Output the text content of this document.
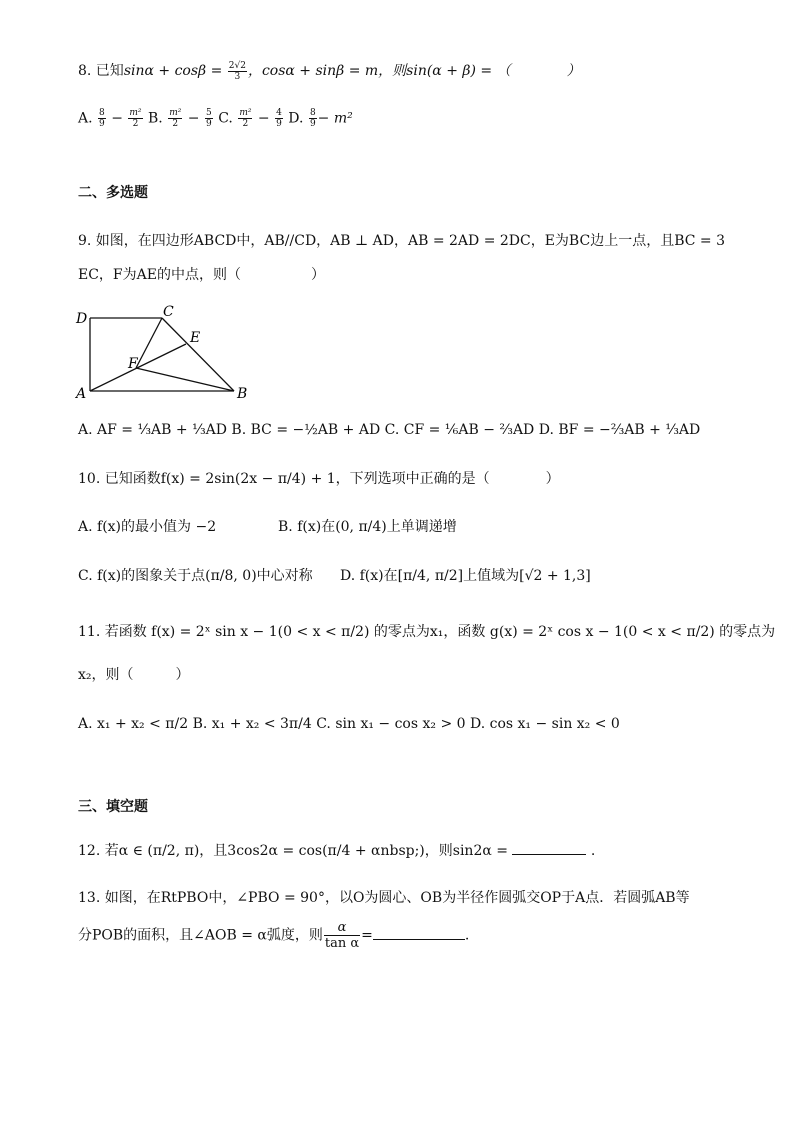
8. 已知$\sin\alpha + \cos\beta = \frac{2√2}{3}$ ，cosα + sinβ = m，则sin(α + β) = （　　　　）
A. $\frac{8}{9} - \frac{\text{m²}}{2} B$. $\frac{\text{m²}}{2} - \frac{5}{9} C$. $\frac{\text{m²}}{2} - \frac{4}{9} D$. $\frac{8}{9} - m^2$
二、多选题
9. 如图，在四边形ABCD中，AB//CD，AB ⊥ AD，AB = 2AD = 2DC，E为BC边上一点，且BC = 3
EC，F为AE的中点，则（　　　　　）
D	C
E
F
A	B
A. AF = ⅓AB + ⅓AD B. BC = −½AB + AD C. CF = ⅙AB − ⅔AD D. BF = −⅔AB + ⅓AD
10. 已知函数f(x) = 2sin(2x − π/4) + 1，下列选项中正确的是（　　　　）
A. f(x)的最小值为 −2	B. f(x)在(0, π/4)上单调递增
C. f(x)的图象关于点(π/8, 0)中心对称 D. f(x)在[π/4, π/2]上值域为[√2 + 1,3]
11. 若函数 f(x) = 2ˣ sin x − 1(0 < x < π/2) 的零点为x₁，函数 g(x) = 2ˣ cos x − 1(0 < x < π/2) 的零点为
x₂，则（　　　）
A. x₁ + x₂ < π/2 B. x₁ + x₂ < 3π/4 C. sin x₁ − cos x₂ > 0 D. cos x₁ − sin x₂ < 0
三、填空题
12. 若α ∈ (π/2, π)，且3cos2α = cos(π/4 + αnbsp;)，则sin2α =	.
13. 如图，在RtPBO中，∠PBO = 90°，以O为圆心、OB为半径作圆弧交OP于A点．若圆弧AB等
分POB的面积，且∠AOB = α弧度，则 $\frac{\alpha}{\text{tan α}}$ =	.
